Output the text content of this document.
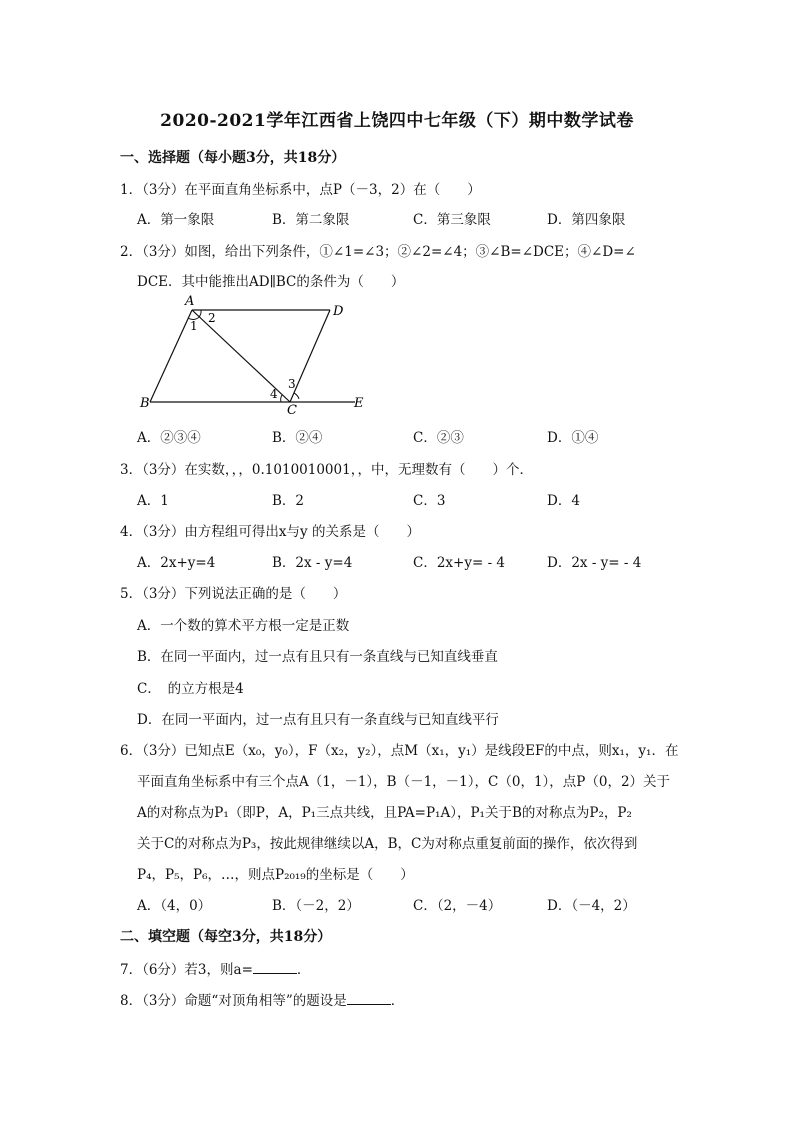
2020-2021学年江西省上饶四中七年级（下）期中数学试卷
一、选择题（每小题3分，共18分）
1．（3分）在平面直角坐标系中，点P（－3，2）在（　　）
A．第一象限	B．第二象限	C．第三象限	D．第四象限
2．（3分）如图，给出下列条件，①∠1=∠3；②∠2=∠4；③∠B=∠DCE；④∠D=∠
DCE．其中能推出AD∥BC的条件为（　　）
A
D
B	C	E
1
2
3
4
A．②③④	B．②④	C．②③	D．①④
3．（3分）在实数，，，0.1010010001，，中，无理数有（　　）个．
A．1	B．2	C．3	D．4
4．（3分）由方程组可得出x与y 的关系是（　　）
A．2x+y=4	B．2x - y=4	C．2x+y= - 4	D．2x - y= - 4
5．（3分）下列说法正确的是（　　）
A．一个数的算术平方根一定是正数
B．在同一平面内，过一点有且只有一条直线与已知直线垂直
C．　的立方根是4
D．在同一平面内，过一点有且只有一条直线与已知直线平行
6．（3分）已知点E（x₀，y₀），F（x₂，y₂），点M（x₁，y₁）是线段EF的中点，则x₁，y₁．在
平面直角坐标系中有三个点A（1，－1），B（－1，－1），C（0，1），点P（0，2）关于
A的对称点为P₁（即P，A，P₁三点共线，且PA=P₁A），P₁关于B的对称点为P₂，P₂
关于C的对称点为P₃，按此规律继续以A，B，C为对称点重复前面的操作，依次得到
P₄，P₅，P₆，…，则点P₂₀₁₉的坐标是（　　）
A．（4，0）	B．（－2，2）	C．（2，－4）	D．（－4，2）
二、填空题（每空3分，共18分）
7．（6分）若3，则a=	．
8．（3分）命题“对顶角相等”的题设是	．
